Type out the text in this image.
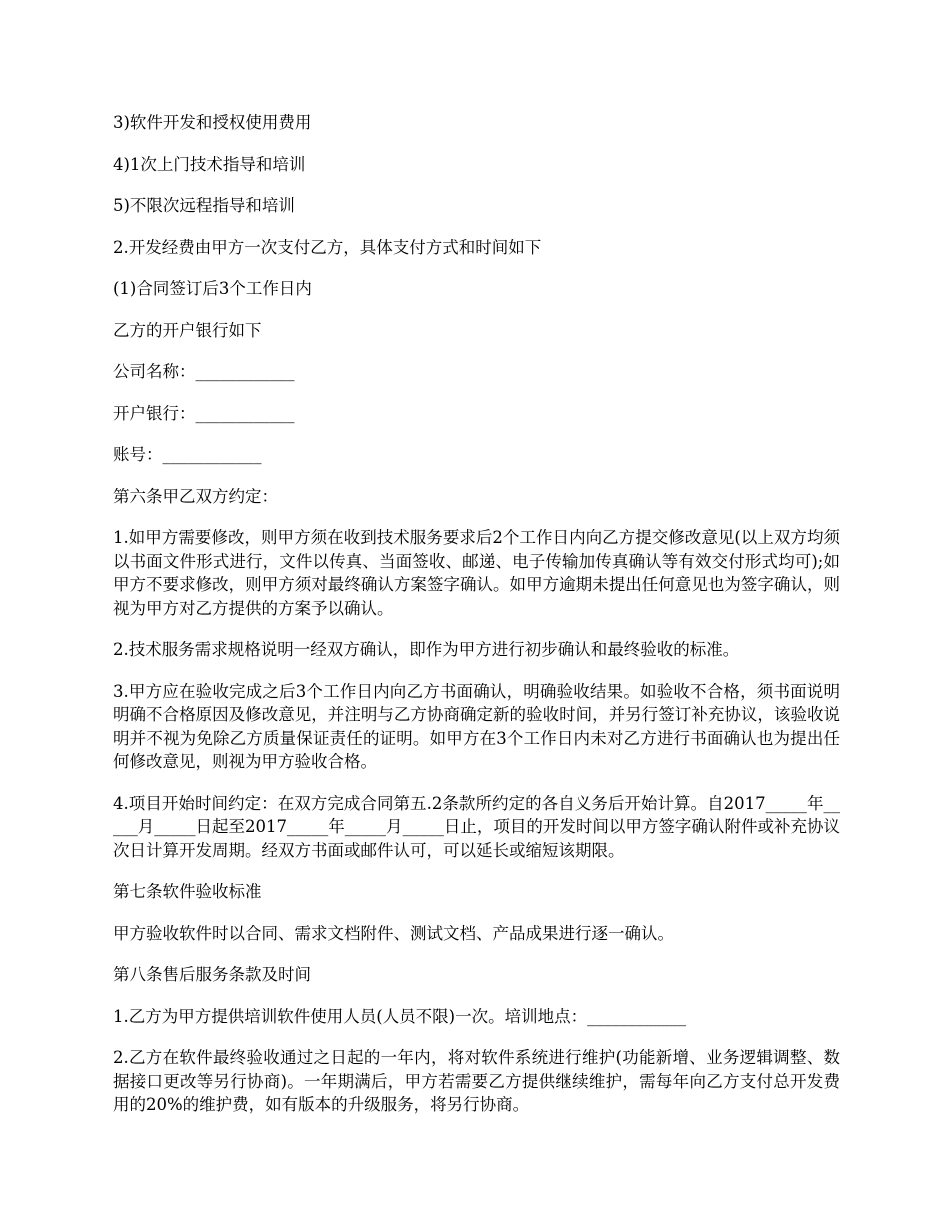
3)软件开发和授权使用费用

4)1次上门技术指导和培训

5)不限次远程指导和培训

2.开发经费由甲方一次支付乙方，具体支付方式和时间如下

(1)合同签订后3个工作日内

乙方的开户银行如下

公司名称：____________

开户银行：____________

账号：____________

第六条甲乙双方约定：

1.如甲方需要修改，则甲方须在收到技术服务要求后2个工作日内向乙方提交修改意见(以上双方均须以书面文件形式进行，文件以传真、当面签收、邮递、电子传输加传真确认等有效交付形式均可);如甲方不要求修改，则甲方须对最终确认方案签字确认。如甲方逾期未提出任何意见也为签字确认，则视为甲方对乙方提供的方案予以确认。

2.技术服务需求规格说明一经双方确认，即作为甲方进行初步确认和最终验收的标准。

3.甲方应在验收完成之后3个工作日内向乙方书面确认，明确验收结果。如验收不合格，须书面说明明确不合格原因及修改意见，并注明与乙方协商确定新的验收时间，并另行签订补充协议，该验收说明并不视为免除乙方质量保证责任的证明。如甲方在3个工作日内未对乙方进行书面确认也为提出任何修改意见，则视为甲方验收合格。

4.项目开始时间约定：在双方完成合同第五.2条款所约定的各自义务后开始计算。自2017_____年_____月_____日起至2017_____年_____月_____日止，项目的开发时间以甲方签字确认附件或补充协议次日计算开发周期。经双方书面或邮件认可，可以延长或缩短该期限。

第七条软件验收标准

甲方验收软件时以合同、需求文档附件、测试文档、产品成果进行逐一确认。

第八条售后服务条款及时间

1.乙方为甲方提供培训软件使用人员(人员不限)一次。培训地点：____________

2.乙方在软件最终验收通过之日起的一年内，将对软件系统进行维护(功能新增、业务逻辑调整、数据接口更改等另行协商)。一年期满后，甲方若需要乙方提供继续维护，需每年向乙方支付总开发费用的20%的维护费，如有版本的升级服务，将另行协商。
